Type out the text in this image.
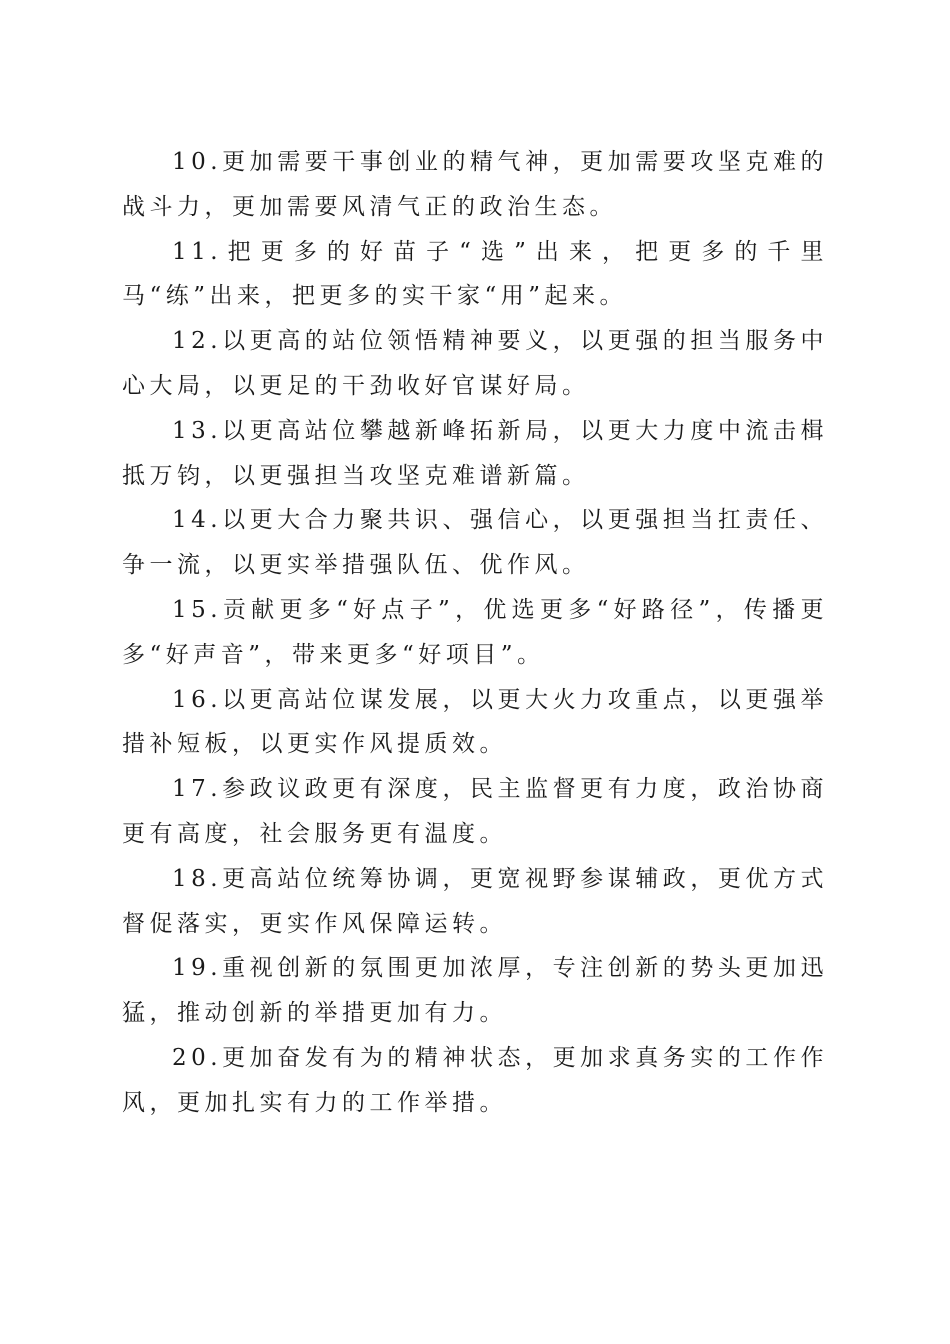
10.更加需要干事创业的精气神，更加需要攻坚克难的战斗力，更加需要风清气正的政治生态。

11.把更多的好苗子“选”出来，把更多的千里马“练”出来，把更多的实干家“用”起来。

12.以更高的站位领悟精神要义，以更强的担当服务中心大局，以更足的干劲收好官谋好局。

13.以更高站位攀越新峰拓新局，以更大力度中流击楫抵万钧，以更强担当攻坚克难谱新篇。

14.以更大合力聚共识、强信心，以更强担当扛责任、争一流，以更实举措强队伍、优作风。

15.贡献更多“好点子”，优选更多“好路径”，传播更多“好声音”，带来更多“好项目”。

16.以更高站位谋发展，以更大火力攻重点，以更强举措补短板，以更实作风提质效。

17.参政议政更有深度，民主监督更有力度，政治协商更有高度，社会服务更有温度。

18.更高站位统筹协调，更宽视野参谋辅政，更优方式督促落实，更实作风保障运转。

19.重视创新的氛围更加浓厚，专注创新的势头更加迅猛，推动创新的举措更加有力。

20.更加奋发有为的精神状态，更加求真务实的工作作风，更加扎实有力的工作举措。
